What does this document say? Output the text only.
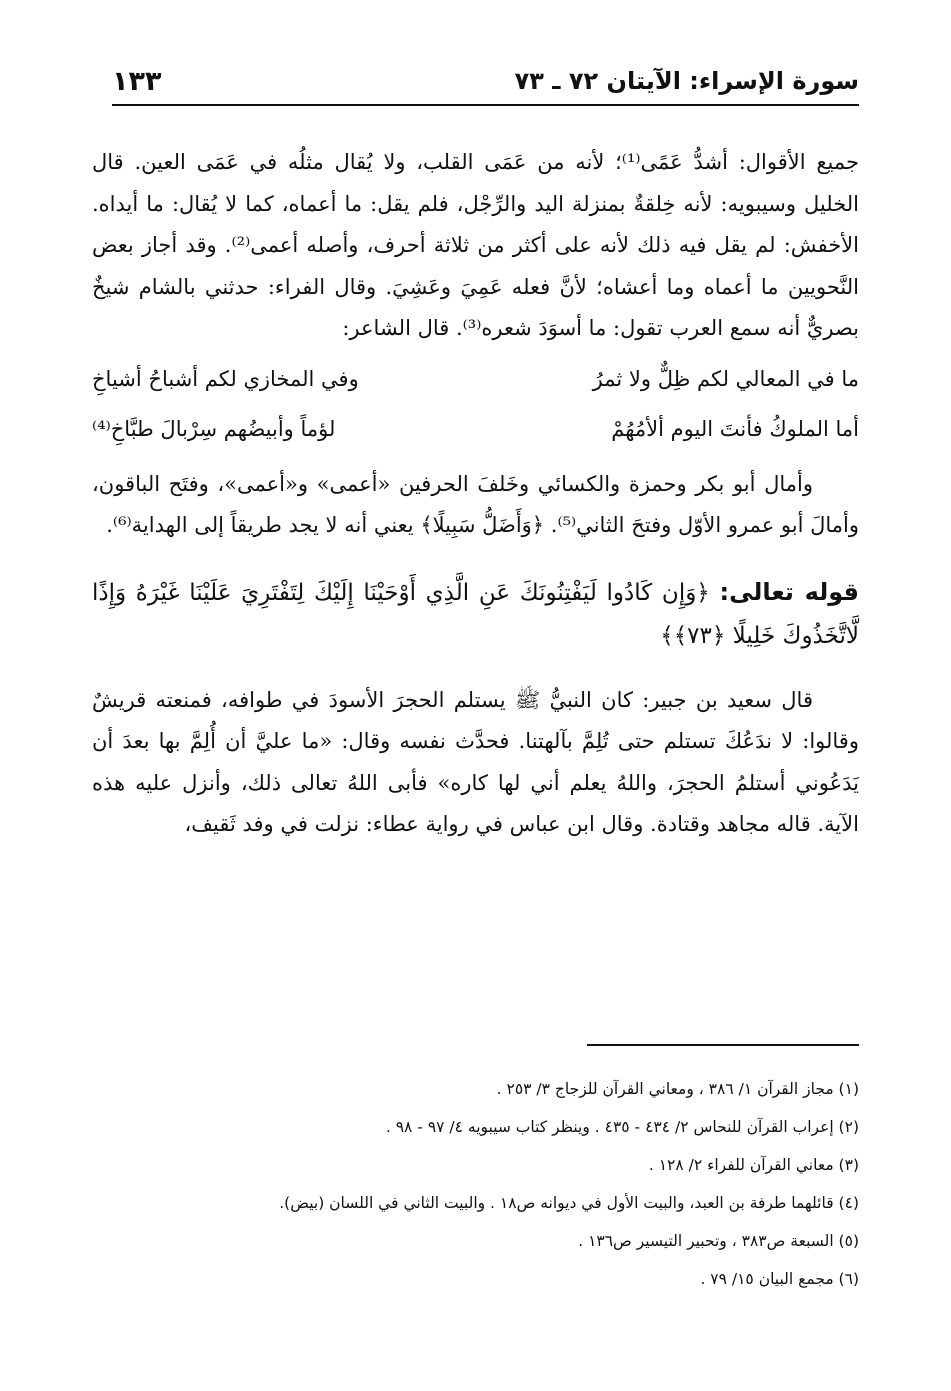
سورة الإسراء: الآيتان ٧٢ ـ ٧٣
١٣٣

جميع الأقوال: أشدُّ عَمًى⁽¹⁾؛ لأنه من عَمَى القلب، ولا يُقال مثلُه في عَمَى العين. قال الخليل وسيبويه: لأنه خِلقةٌ بمنزلة اليد والرِّجْل، فلم يقل: ما أعماه، كما لا يُقال: ما أيداه. الأخفش: لم يقل فيه ذلك لأنه على أكثر من ثلاثة أحرف، وأصله أعمى⁽²⁾. وقد أجاز بعض النَّحويين ما أعماه وما أعشاه؛ لأنَّ فعله عَمِيَ وعَشِيَ. وقال الفراء: حدثني بالشام شيخٌ بصريٌّ أنه سمع العرب تقول: ما أسوَدَ شعره⁽³⁾. قال الشاعر:

ما في المعالي لكم ظِلٌّ ولا ثمرُ
وفي المخازي لكم أشباحُ أشياخِ
أما الملوكُ فأنتَ اليوم ألأمُهُمْ
لؤماً وأبيضُهم سِرْبالَ طبَّاخِ⁽⁴⁾

وأمال أبو بكر وحمزة والكسائي وخَلفَ الحرفين «أعمى» و«أعمى»، وفتَح الباقون، وأمالَ أبو عمرو الأوّل وفتحَ الثاني⁽⁵⁾. ﴿وَأَضَلُّ سَبِيلًا﴾ يعني أنه لا يجد طريقاً إلى الهداية⁽⁶⁾.

قوله تعالى: ﴿وَإِن كَادُوا لَيَفْتِنُونَكَ عَنِ الَّذِي أَوْحَيْنَا إِلَيْكَ لِتَفْتَرِيَ عَلَيْنَا غَيْرَهُ وَإِذًا لَّاتَّخَذُوكَ خَلِيلًا ﴿٧٣﴾﴾

قال سعيد بن جبير: كان النبيُّ ﷺ يستلم الحجرَ الأسودَ في طوافه، فمنعته قريشٌ وقالوا: لا ندَعُكَ تستلم حتى تُلِمَّ بآلهتنا. فحدَّث نفسه وقال: «ما عليَّ أن أُلِمَّ بها بعدَ أن يَدَعُوني أستلمُ الحجرَ، واللهُ يعلم أني لها كاره» فأبى اللهُ تعالى ذلك، وأنزل عليه هذه الآية. قاله مجاهد وقتادة. وقال ابن عباس في رواية عطاء: نزلت في وفد ثَقيف،

(١) مجاز القرآن ١/ ٣٨٦ ، ومعاني القرآن للزجاج ٣/ ٢٥٣ .
(٢) إعراب القرآن للنحاس ٢/ ٤٣٤ - ٤٣٥ . وينظر كتاب سيبويه ٤/ ٩٧ - ٩٨ .
(٣) معاني القرآن للفراء ٢/ ١٢٨ .
(٤) قائلهما طرفة بن العبد، والبيت الأول في ديوانه ص١٨ . والبيت الثاني في اللسان (بيض).
(٥) السبعة ص٣٨٣ ، وتحبير التيسير ص١٣٦ .
(٦) مجمع البيان ١٥/ ٧٩ .
